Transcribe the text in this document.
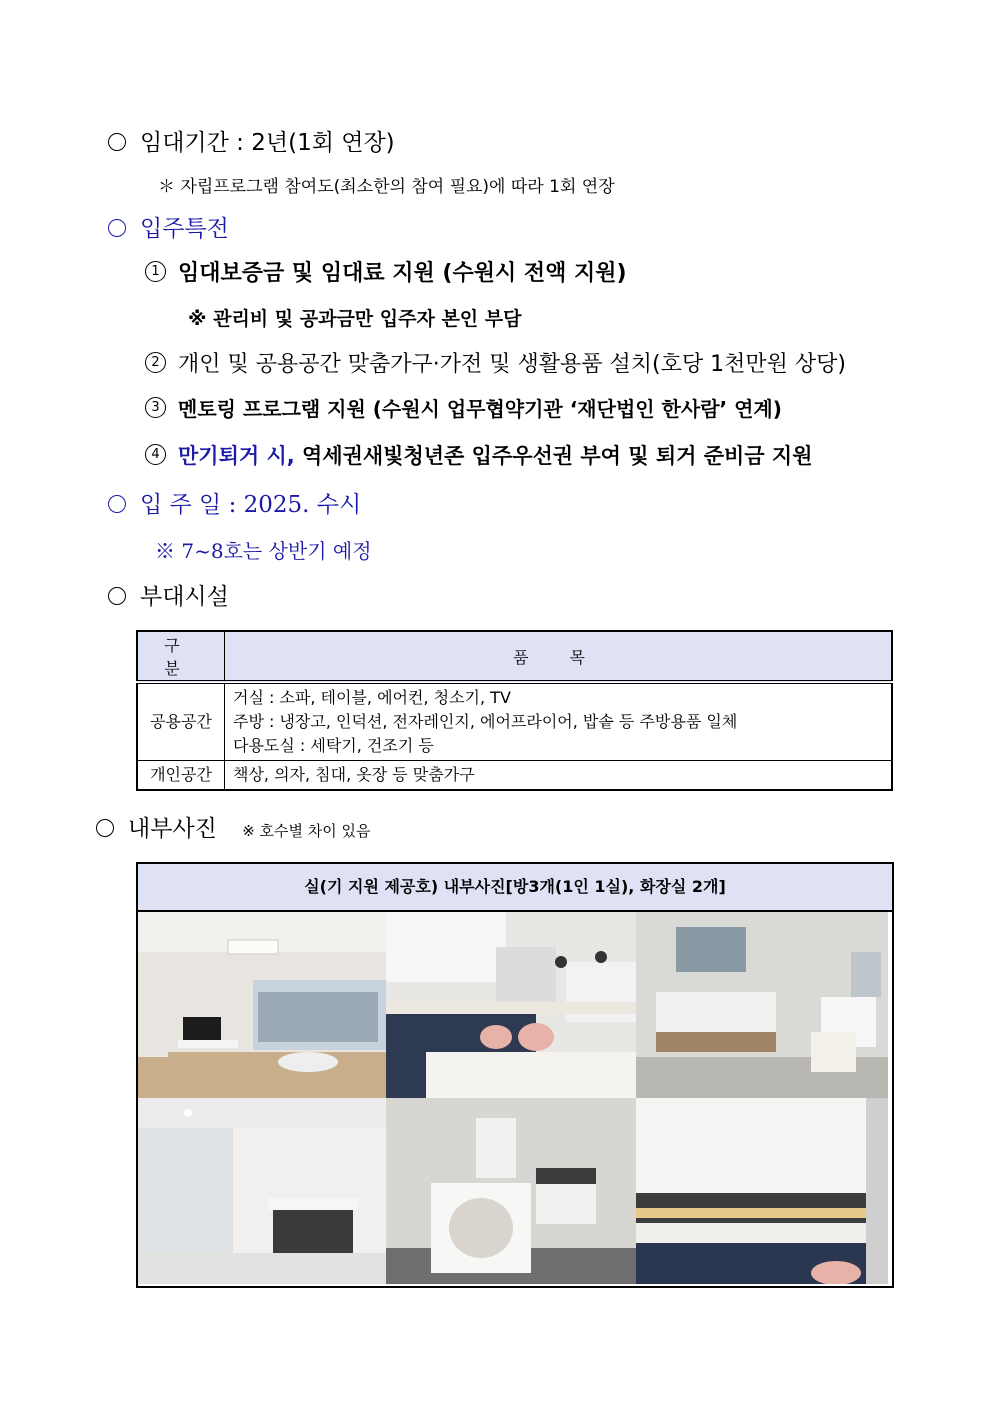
임대기간 : 2년(1회 연장)
＊ 자립프로그램 참여도(최소한의 참여 필요)에 따라 1회 연장
입주특전
1 임대보증금 및 임대료 지원 (수원시 전액 지원)
※ 관리비 및 공과금만 입주자 본인 부담
2 개인 및 공용공간 맞춤가구·가전 및 생활용품 설치(호당 1천만원 상당)
3 멘토링 프로그램 지원 (수원시 업무협약기관 ‘재단법인 한사람’ 연계)
4 만기퇴거 시, 역세권새빛청년존 입주우선권 부여 및 퇴거 준비금 지원
입 주 일 : 2025. 수시
※ 7~8호는 상반기 예정
부대시설
구 분	품 목
공용공간	거실 : 소파, 테이블, 에어컨, 청소기, TV
주방 : 냉장고, 인덕션, 전자레인지, 에어프라이어, 밥솥 등 주방용품 일체
다용도실 : 세탁기, 건조기 등

개인공간	책상, 의자, 침대, 옷장 등 맞춤가구
내부사진 ※ 호수별 차이 있음
실(기 지원 제공호) 내부사진[방3개(1인 1실), 화장실 2개]
